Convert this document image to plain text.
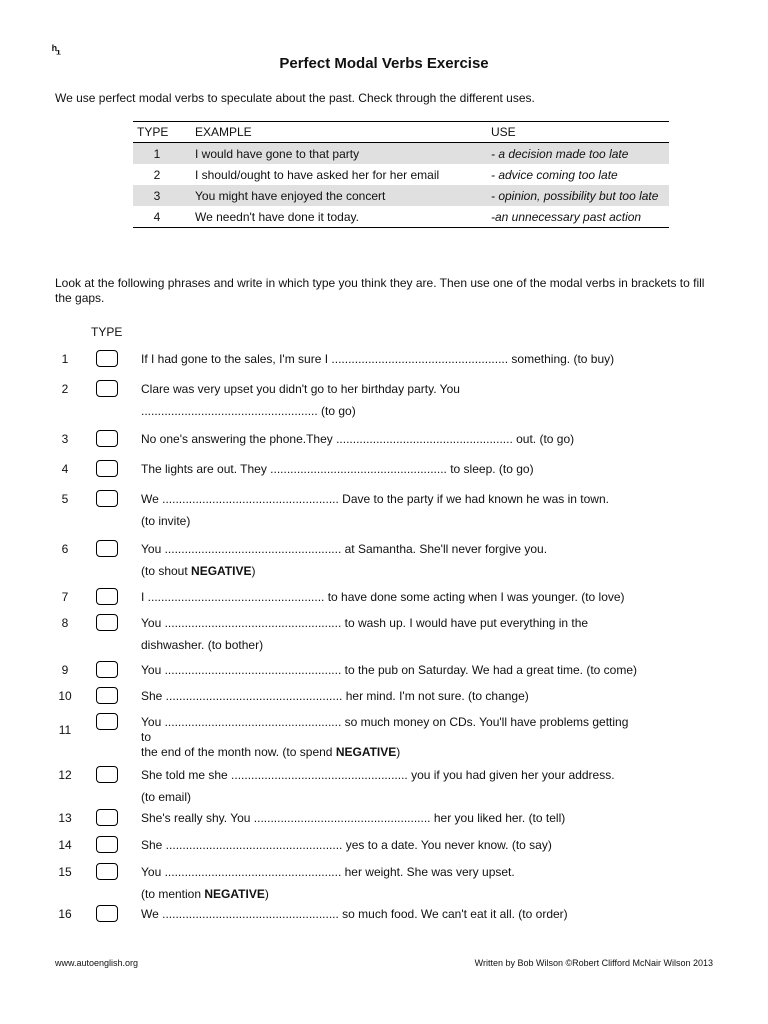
ʰ₁
Perfect Modal Verbs Exercise
We use perfect modal verbs to speculate about the past. Check through the different uses.
TYPE	EXAMPLE	USE
1	I would have gone to that party	- a decision made too late
2	I should/ought to have asked her for her email	- advice coming too late
3	You might have enjoyed the concert	- opinion, possibility but too late
4	We needn't have done it today.	-an unnecessary past action
Look at the following phrases and write in which type you think they are. Then use one of the modal verbs in brackets to fill the gaps.
TYPE
1	If I had gone to the sales, I'm sure I ..................................................... something. (to buy)
2	Clare was very upset you didn't go to her birthday party. You
..................................................... (to go)
3	No one's answering the phone.They ..................................................... out. (to go)
4	The lights are out. They ..................................................... to sleep. (to go)
5	We ..................................................... Dave to the party if we had known he was in town.
(to invite)
6	You ..................................................... at Samantha. She'll never forgive you.
(to shout NEGATIVE)
7	I ..................................................... to have done some acting when I was younger. (to love)
8	You ..................................................... to wash up. I would have put everything in the
dishwasher. (to bother)
9	You ..................................................... to the pub on Saturday. We had a great time. (to come)
10	She ..................................................... her mind. I'm not sure. (to change)
11
You ..................................................... so much money on CDs. You'll have problems getting
to
the end of the month now. (to spend NEGATIVE)
12	She told me she ..................................................... you if you had given her your address.
(to email)
13	She's really shy. You ..................................................... her you liked her. (to tell)
14	She ..................................................... yes to a date. You never know. (to say)
15	You ..................................................... her weight. She was very upset.
(to mention NEGATIVE)
16	We ..................................................... so much food. We can't eat it all. (to order)
www.autoenglish.org	Written by Bob Wilson ©Robert Clifford McNair Wilson 2013
